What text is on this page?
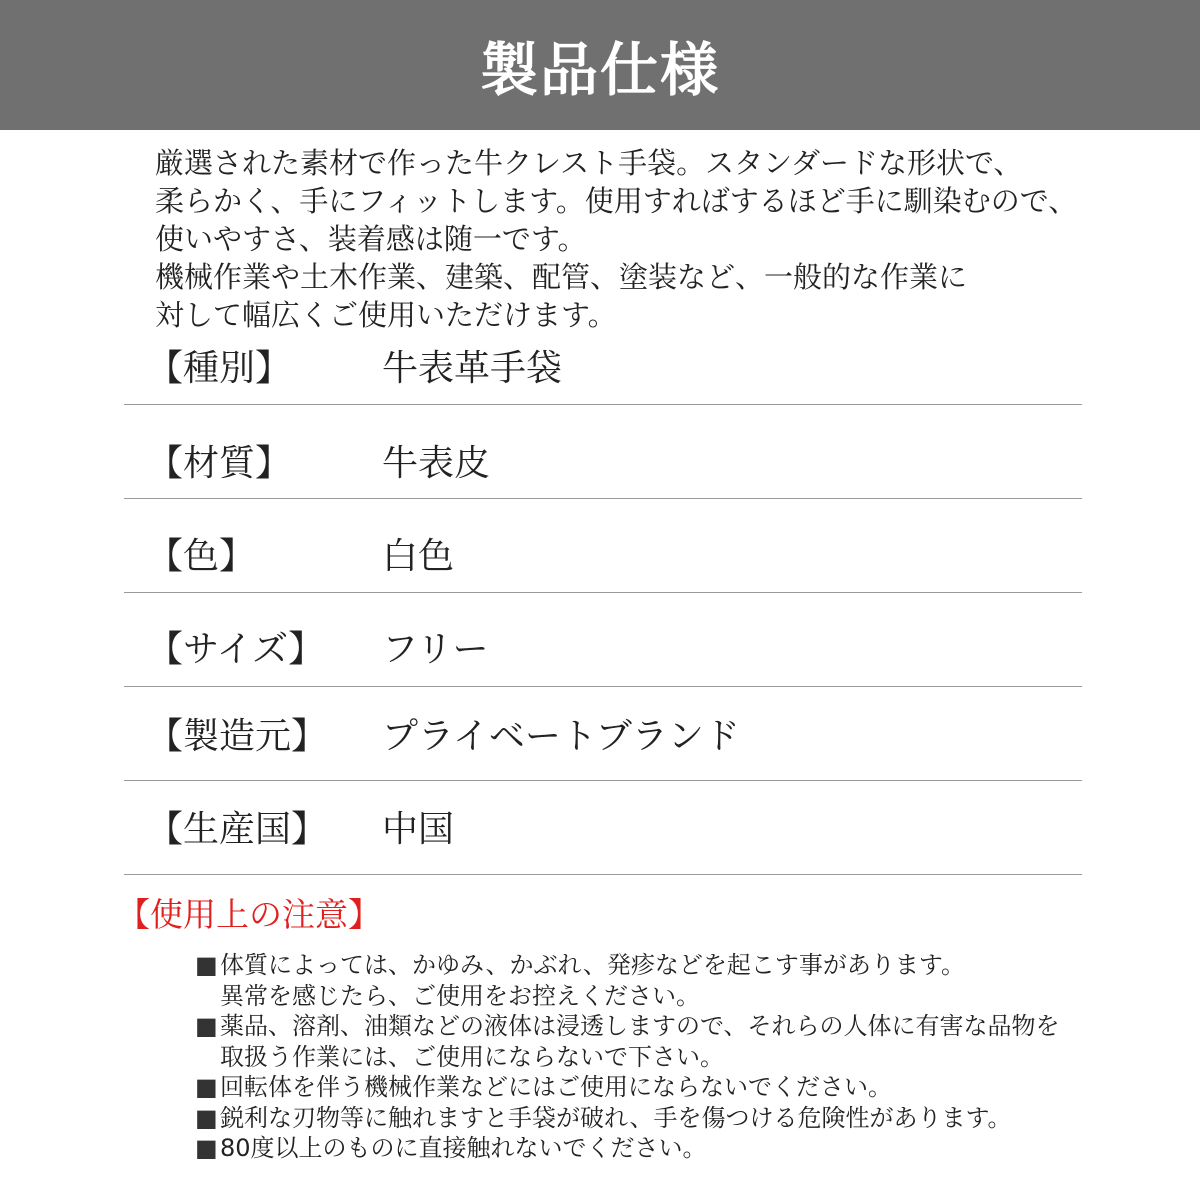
製品仕様
厳選された素材で作った牛クレスト手袋。スタンダードな形状で、
柔らかく、手にフィットします。使用すればするほど手に馴染むので、
使いやすさ、装着感は随一です。
機械作業や土木作業、建築、配管、塗装など、一般的な作業に
対して幅広くご使用いただけます。
【種別】	牛表革手袋
【材質】	牛表皮
【色】	白色
【サイズ】 フリー
【製造元】 プライベートブランド
【生産国】 中国
【使用上の注意】
■体質によっては、かゆみ、かぶれ、発疹などを起こす事があります。
異常を感じたら、ご使用をお控えください。
■薬品、溶剤、油類などの液体は浸透しますので、それらの人体に有害な品物を
取扱う作業には、ご使用にならないで下さい。
■回転体を伴う機械作業などにはご使用にならないでください。
■鋭利な刃物等に触れますと手袋が破れ、手を傷つける危険性があります。
■80度以上のものに直接触れないでください。
